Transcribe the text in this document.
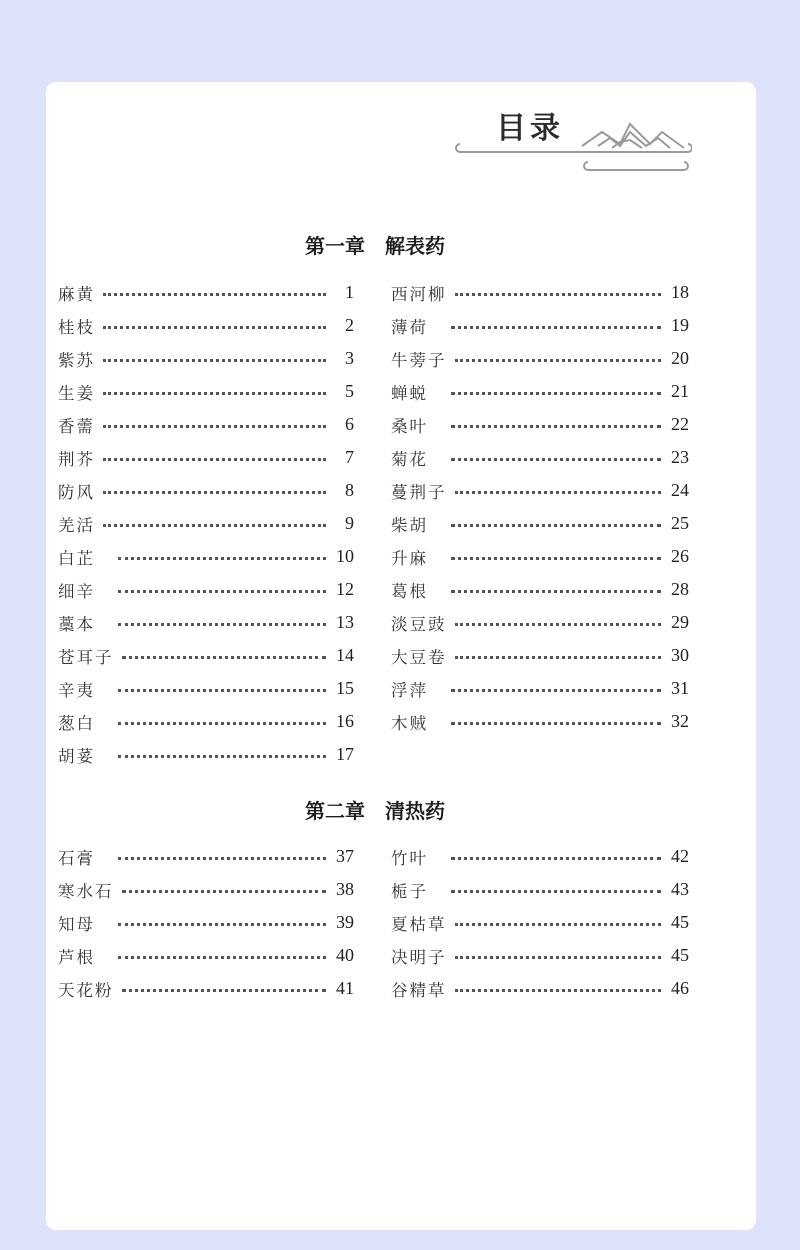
目录
第一章　解表药
麻黄	1
桂枝	2
紫苏	3
生姜	5
香薷	6
荆芥	7
防风	8
羌活	9
白芷	10
细辛	12
藁本	13
苍耳子	14
辛夷	15
葱白	16
胡荽	17
西河柳	18
薄荷	19
牛蒡子	20
蝉蜕	21
桑叶	22
菊花	23
蔓荆子	24
柴胡	25
升麻	26
葛根	28
淡豆豉	29
大豆卷	30
浮萍	31
木贼	32
第二章　清热药
石膏	37
寒水石	38
知母	39
芦根	40
天花粉	41
竹叶	42
栀子	43
夏枯草	45
决明子	45
谷精草	46
